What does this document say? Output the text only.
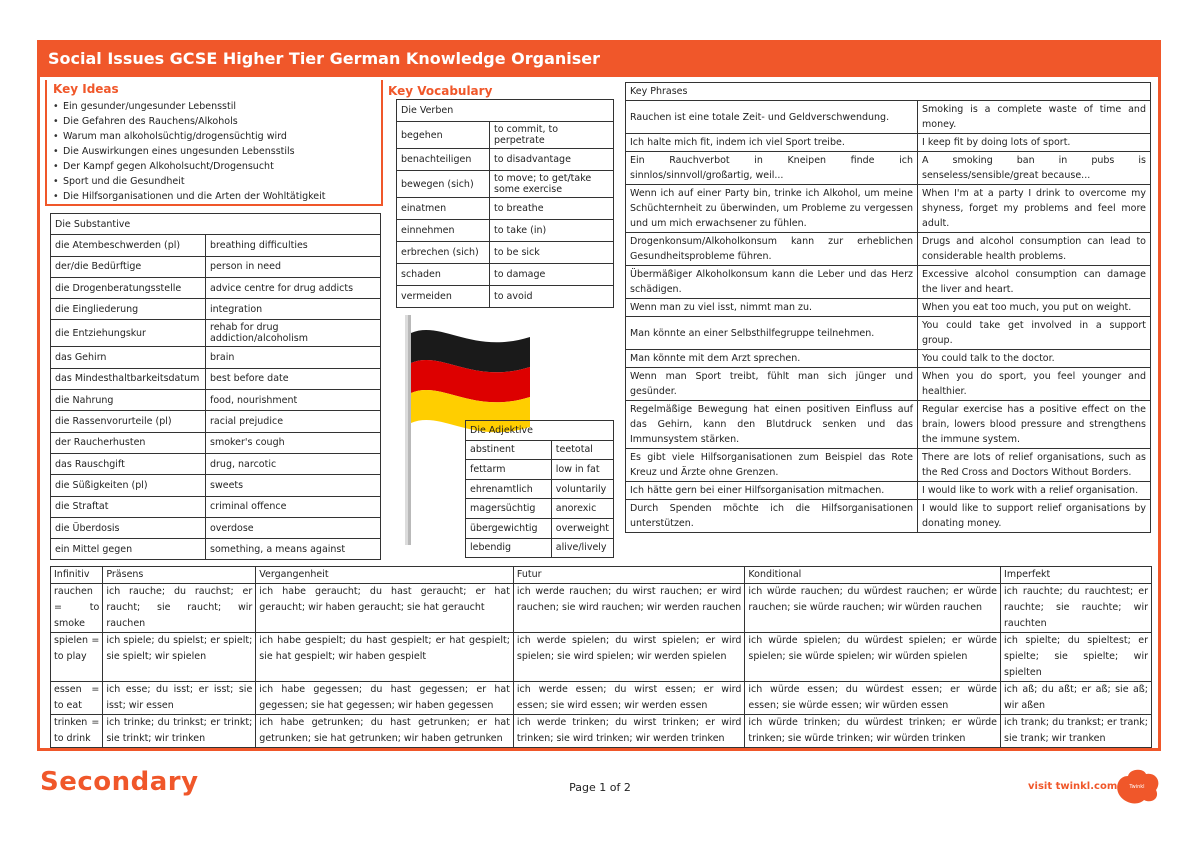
Social Issues GCSE Higher Tier German Knowledge Organiser
Key Ideas
• Ein gesunder/ungesunder Lebensstil
• Die Gefahren des Rauchens/Alkohols
• Warum man alkoholsüchtig/drogensüchtig wird
• Die Auswirkungen eines ungesunden Lebensstils
• Der Kampf gegen Alkoholsucht/Drogensucht
• Sport und die Gesundheit
• Die Hilfsorganisationen und die Arten der Wohltätigkeit
Die Substantive	
die Atembeschwerden (pl)	breathing difficulties
der/die Bedürftige	person in need
die Drogenberatungsstelle	advice centre for drug addicts
die Eingliederung	integration
die Entziehungskur	rehab for drug addiction/alcoholism
das Gehirn	brain
das Mindesthaltbarkeitsdatum	best before date
die Nahrung	food, nourishment
die Rassenvorurteile (pl)	racial prejudice
der Raucherhusten	smoker's cough
das Rauschgift	drug, narcotic
die Süßigkeiten (pl)	sweets
die Straftat	criminal offence
die Überdosis	overdose
ein Mittel gegen	something, a means against
Key Vocabulary
Die Verben	
begehen	to commit, to perpetrate
benachteiligen	to disadvantage
bewegen (sich)	to move; to get/take some exercise
einatmen	to breathe
einnehmen	to take (in)
erbrechen (sich)	to be sick
schaden	to damage
vermeiden	to avoid
Die Adjektive	
abstinent	teetotal
fettarm	low in fat
ehrenamtlich	voluntarily
magersüchtig	anorexic
übergewichtig	overweight
lebendig	alive/lively
Key Phrases	
Rauchen ist eine totale Zeit- und Geldverschwendung.	Smoking is a complete waste of time and money.
Ich halte mich fit, indem ich viel Sport treibe.	I keep fit by doing lots of sport.
Ein Rauchverbot in Kneipen finde ich sinnlos/sinnvoll/großartig, weil...	A smoking ban in pubs is senseless/sensible/great because...
Wenn ich auf einer Party bin, trinke ich Alkohol, um meine Schüchternheit zu überwinden, um Probleme zu vergessen und um mich erwachsener zu fühlen.	When I'm at a party I drink to overcome my shyness, forget my problems and feel more adult.
Drogenkonsum/Alkoholkonsum kann zur erheblichen Gesundheitsprobleme führen.	Drugs and alcohol consumption can lead to considerable health problems.
Übermäßiger Alkoholkonsum kann die Leber und das Herz schädigen.	Excessive alcohol consumption can damage the liver and heart.
Wenn man zu viel isst, nimmt man zu.	When you eat too much, you put on weight.
Man könnte an einer Selbsthilfegruppe teilnehmen.	You could take get involved in a support group.
Man könnte mit dem Arzt sprechen.	You could talk to the doctor.
Wenn man Sport treibt, fühlt man sich jünger und gesünder.	When you do sport, you feel younger and healthier.
Regelmäßige Bewegung hat einen positiven Einfluss auf das Gehirn, kann den Blutdruck senken und das Immunsystem stärken.	Regular exercise has a positive effect on the brain, lowers blood pressure and strengthens the immune system.
Es gibt viele Hilfsorganisationen zum Beispiel das Rote Kreuz und Ärzte ohne Grenzen.	There are lots of relief organisations, such as the Red Cross and Doctors Without Borders.
Ich hätte gern bei einer Hilfsorganisation mitmachen.	I would like to work with a relief organisation.
Durch Spenden möchte ich die Hilfsorganisationen unterstützen.	I would like to support relief organisations by donating money.
Infinitiv	Präsens	Vergangenheit	Futur	Konditional	Imperfekt
rauchen = to smoke	ich rauche; du rauchst; er raucht; sie raucht; wir rauchen	ich habe geraucht; du hast geraucht; er hat geraucht; wir haben geraucht; sie hat geraucht	ich werde rauchen; du wirst rauchen; er wird rauchen; sie wird rauchen; wir werden rauchen	ich würde rauchen; du würdest rauchen; er würde rauchen; sie würde rauchen; wir würden rauchen	ich rauchte; du rauchtest; er rauchte; sie rauchte; wir rauchten
spielen = to play	ich spiele; du spielst; er spielt; sie spielt; wir spielen	ich habe gespielt; du hast gespielt; er hat gespielt; sie hat gespielt; wir haben gespielt	ich werde spielen; du wirst spielen; er wird spielen; sie wird spielen; wir werden spielen	ich würde spielen; du würdest spielen; er würde spielen; sie würde spielen; wir würden spielen	ich spielte; du spieltest; er spielte; sie spielte; wir spielten
essen = to eat	ich esse; du isst; er isst; sie isst; wir essen	ich habe gegessen; du hast gegessen; er hat gegessen; sie hat gegessen; wir haben gegessen	ich werde essen; du wirst essen; er wird essen; sie wird essen; wir werden essen	ich würde essen; du würdest essen; er würde essen; sie würde essen; wir würden essen	ich aß; du aßt; er aß; sie aß; wir aßen
trinken = to drink	ich trinke; du trinkst; er trinkt; sie trinkt; wir trinken	ich habe getrunken; du hast getrunken; er hat getrunken; sie hat getrunken; wir haben getrunken	ich werde trinken; du wirst trinken; er wird trinken; sie wird trinken; wir werden trinken	ich würde trinken; du würdest trinken; er würde trinken; sie würde trinken; wir würden trinken	ich trank; du trankst; er trank; sie trank; wir tranken
Secondary	Page 1 of 2	visit twinkl.com Twinkl
